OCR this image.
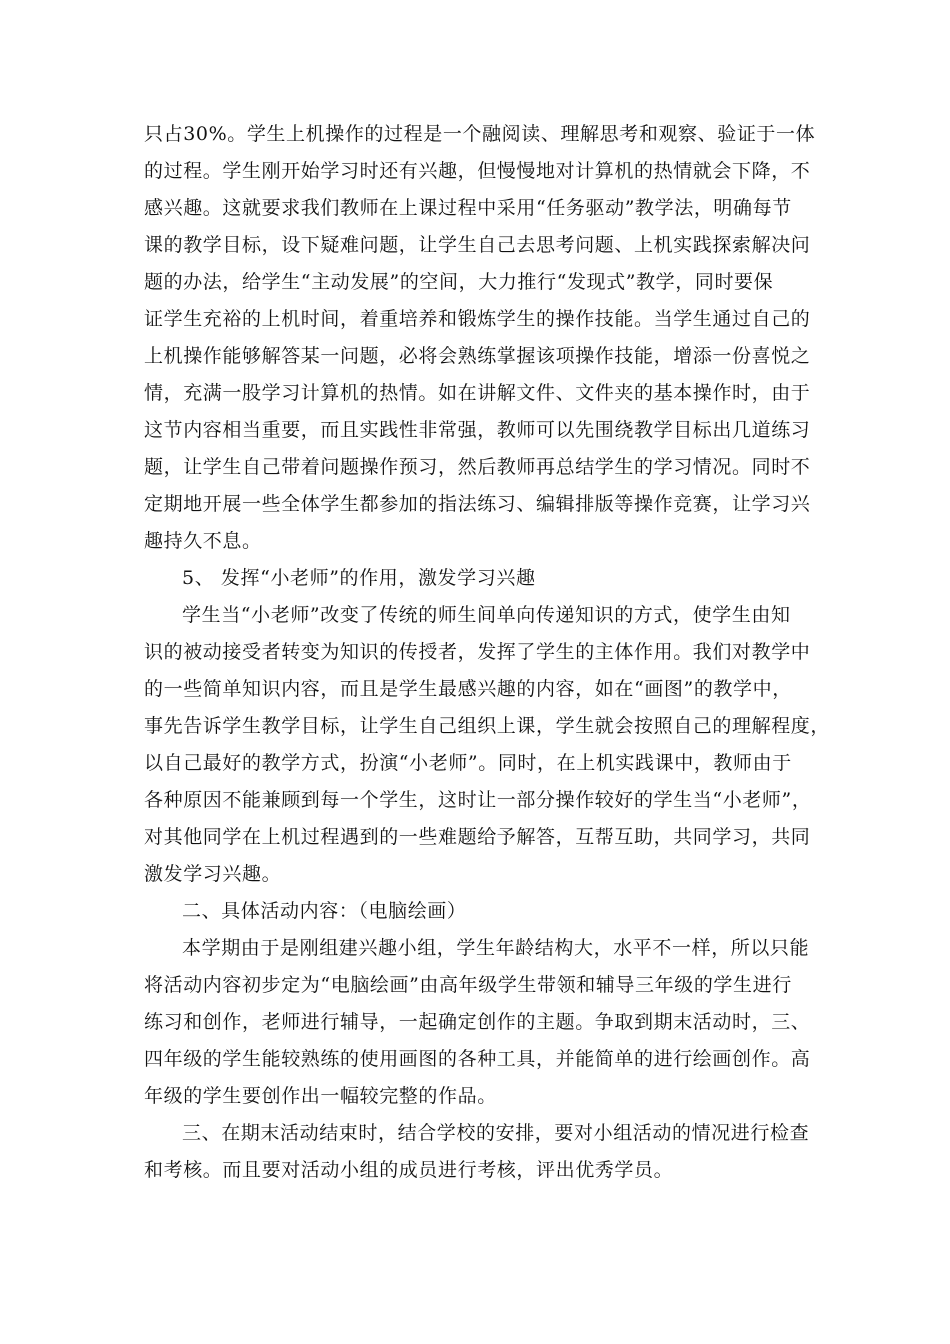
只占30%。学生上机操作的过程是一个融阅读、理解思考和观察、验证于一体
的过程。学生刚开始学习时还有兴趣，但慢慢地对计算机的热情就会下降，不
感兴趣。这就要求我们教师在上课过程中采用“任务驱动”教学法，明确每节
课的教学目标，设下疑难问题，让学生自己去思考问题、上机实践探索解决问
题的办法，给学生“主动发展”的空间，大力推行“发现式”教学，同时要保
证学生充裕的上机时间，着重培养和锻炼学生的操作技能。当学生通过自己的
上机操作能够解答某一问题，必将会熟练掌握该项操作技能，增添一份喜悦之
情，充满一股学习计算机的热情。如在讲解文件、文件夹的基本操作时，由于
这节内容相当重要，而且实践性非常强，教师可以先围绕教学目标出几道练习
题，让学生自己带着问题操作预习，然后教师再总结学生的学习情况。同时不
定期地开展一些全体学生都参加的指法练习、编辑排版等操作竞赛，让学习兴
趣持久不息。
5、 发挥“小老师”的作用，激发学习兴趣
学生当“小老师”改变了传统的师生间单向传递知识的方式，使学生由知
识的被动接受者转变为知识的传授者，发挥了学生的主体作用。我们对教学中
的一些简单知识内容，而且是学生最感兴趣的内容，如在“画图”的教学中，
事先告诉学生教学目标，让学生自己组织上课，学生就会按照自己的理解程度，
以自己最好的教学方式，扮演“小老师”。同时，在上机实践课中，教师由于
各种原因不能兼顾到每一个学生，这时让一部分操作较好的学生当“小老师”，
对其他同学在上机过程遇到的一些难题给予解答，互帮互助，共同学习，共同
激发学习兴趣。
二、具体活动内容：（电脑绘画）
本学期由于是刚组建兴趣小组，学生年龄结构大，水平不一样，所以只能
将活动内容初步定为“电脑绘画”由高年级学生带领和辅导三年级的学生进行
练习和创作，老师进行辅导，一起确定创作的主题。争取到期末活动时，三、
四年级的学生能较熟练的使用画图的各种工具，并能简单的进行绘画创作。高
年级的学生要创作出一幅较完整的作品。
三、在期末活动结束时，结合学校的安排，要对小组活动的情况进行检查
和考核。而且要对活动小组的成员进行考核，评出优秀学员。
